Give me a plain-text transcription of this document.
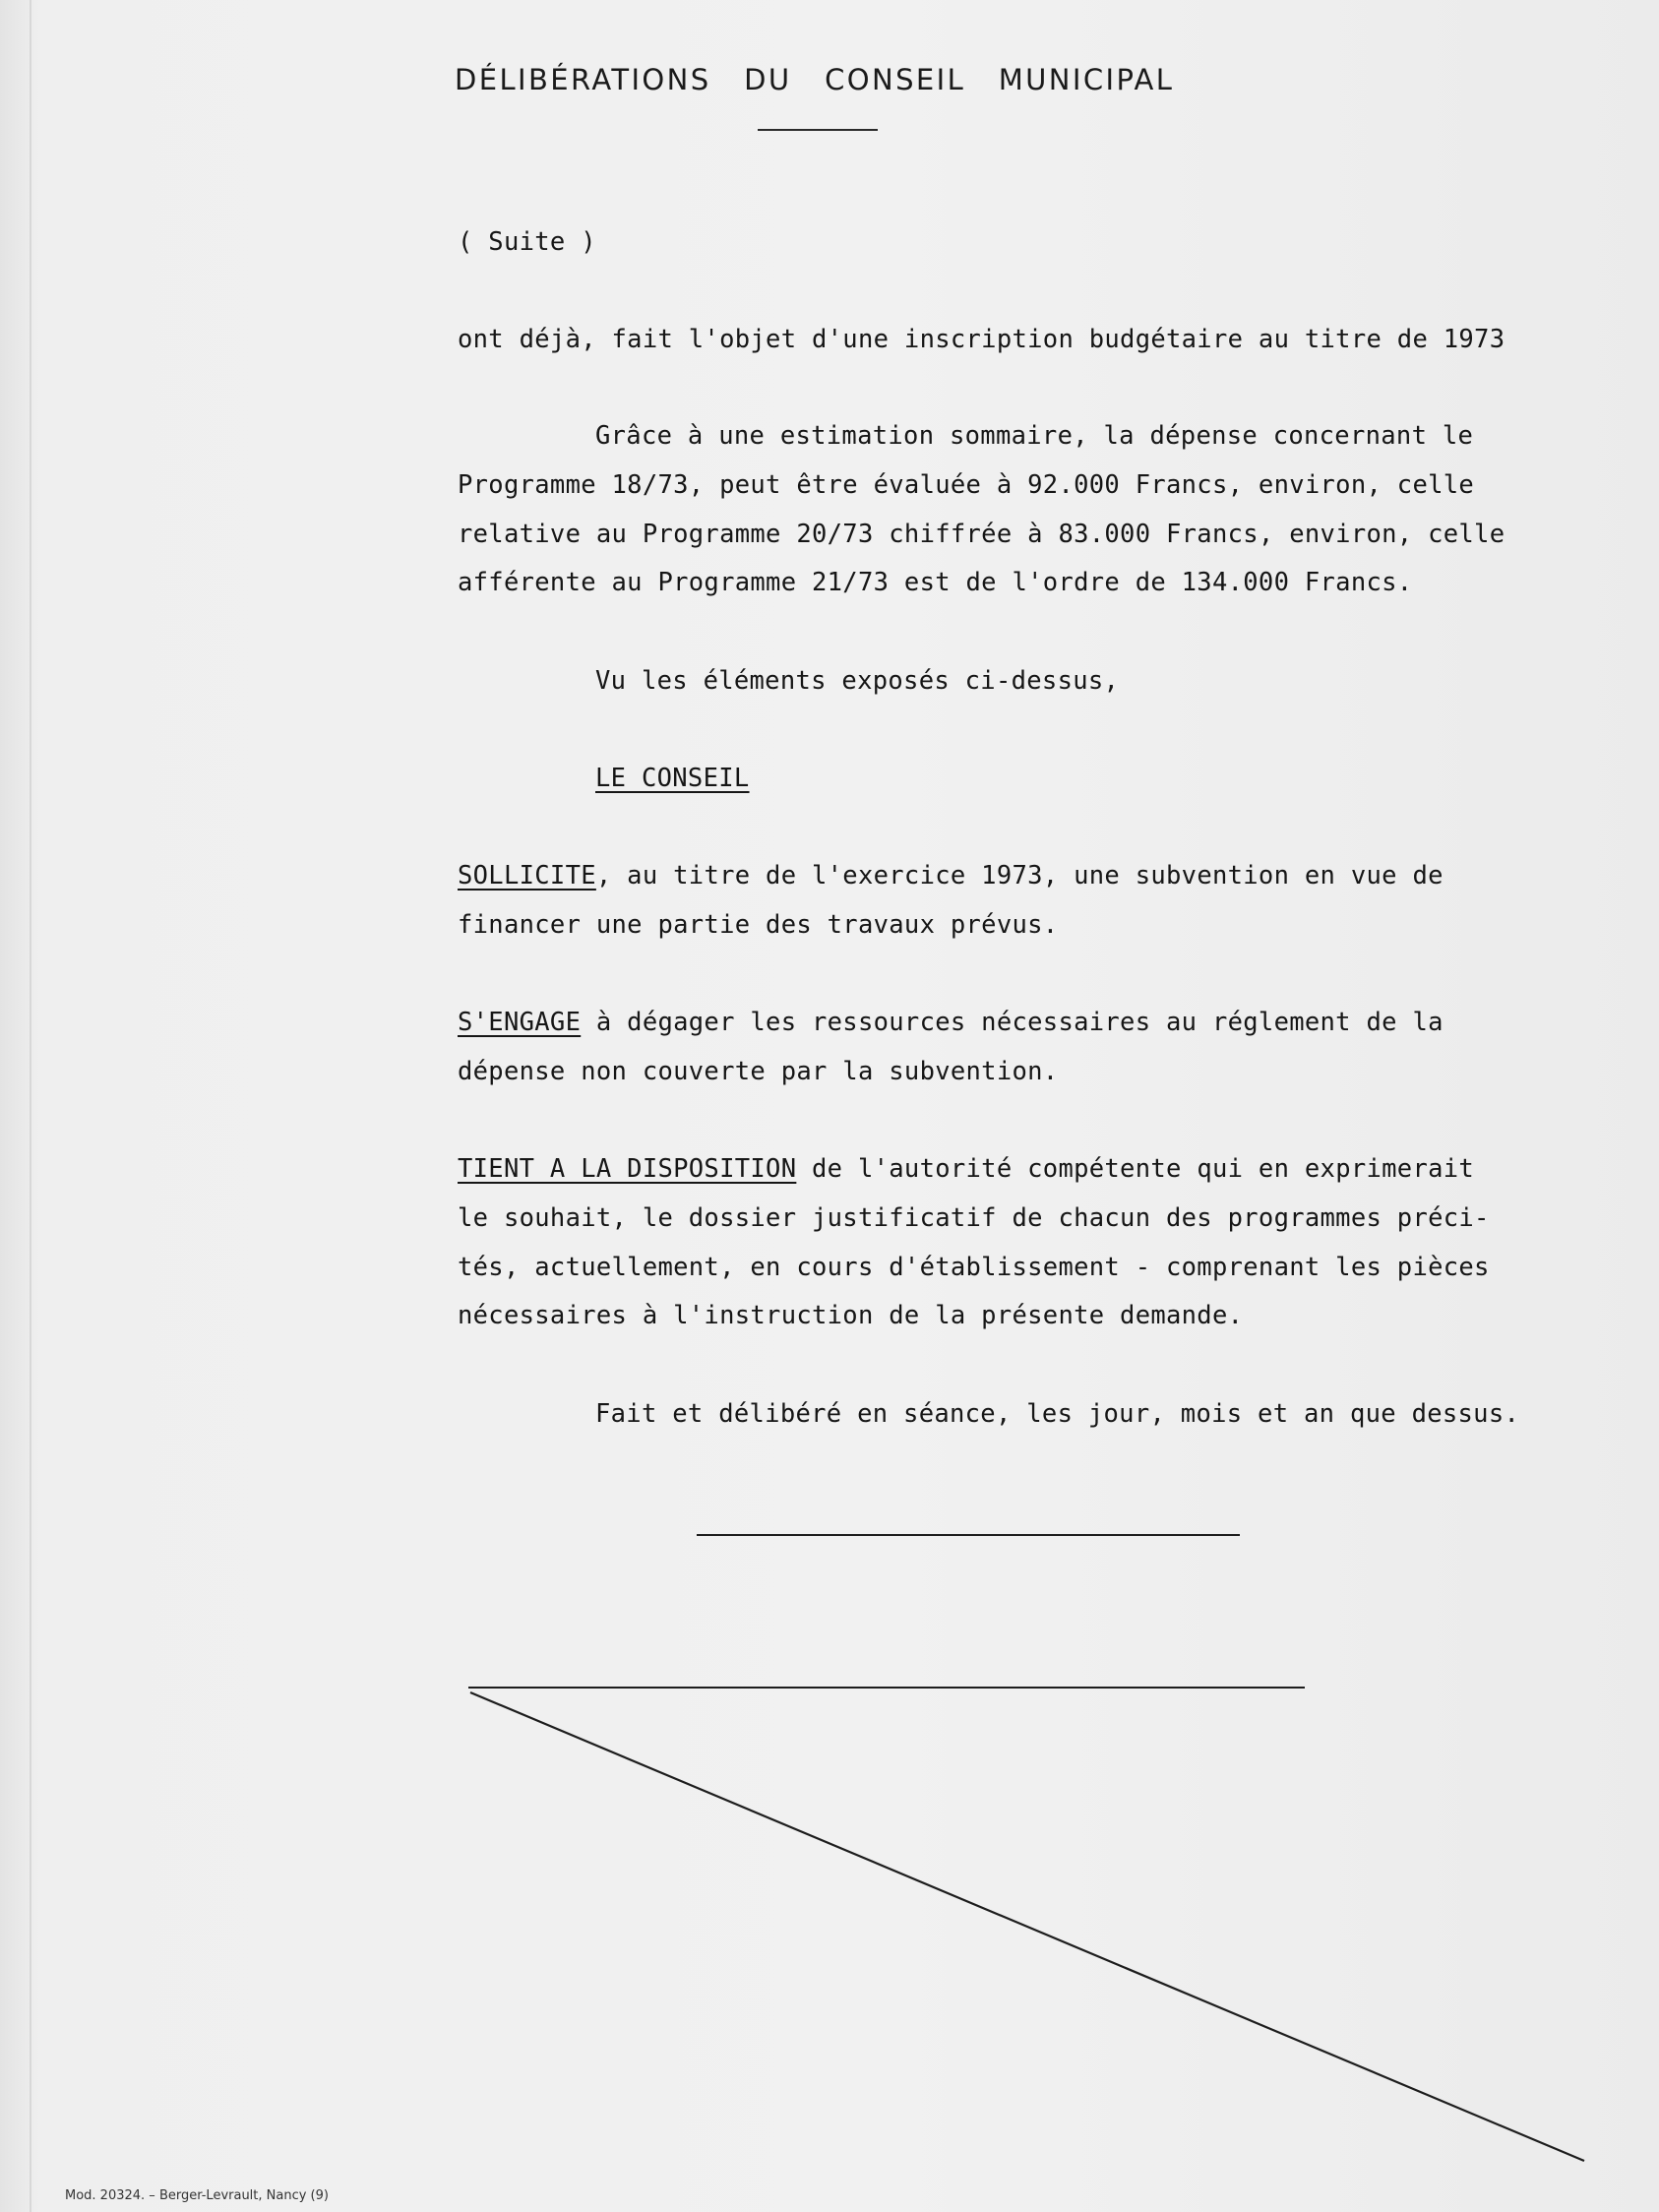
DÉLIBÉRATIONS DU CONSEIL MUNICIPAL
( Suite )
ont déjà, fait l'objet d'une inscription budgétaire au titre de 1973
Grâce à une estimation sommaire, la dépense concernant le
Programme 18/73, peut être évaluée à 92.000 Francs, environ, celle
relative au Programme 20/73 chiffrée à 83.000 Francs, environ, celle
afférente au Programme 21/73 est de l'ordre de 134.000 Francs.
Vu les éléments exposés ci-dessus,
LE CONSEIL
SOLLICITE, au titre de l'exercice 1973, une subvention en vue de
financer une partie des travaux prévus.
S'ENGAGE à dégager les ressources nécessaires au réglement de la
dépense non couverte par la subvention.
TIENT A LA DISPOSITION de l'autorité compétente qui en exprimerait
le souhait, le dossier justificatif de chacun des programmes préci-
tés, actuellement, en cours d'établissement - comprenant les pièces
nécessaires à l'instruction de la présente demande.
Fait et délibéré en séance, les jour, mois et an que dessus.
Mod. 20324. – Berger-Levrault, Nancy (9)
